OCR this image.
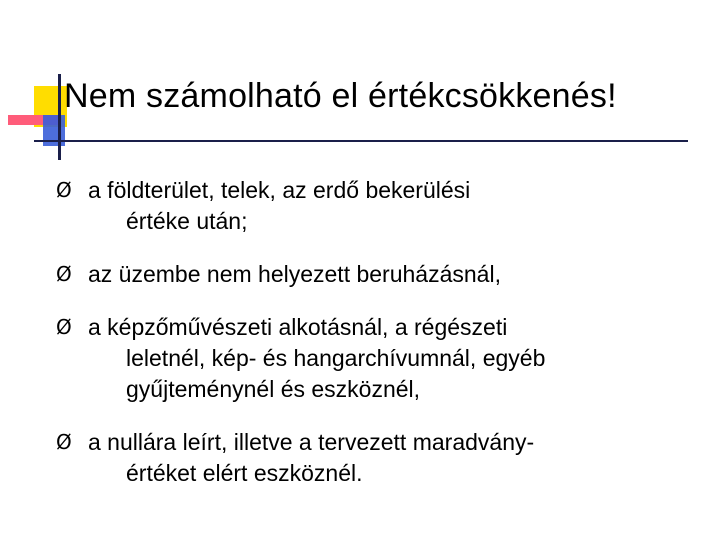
Nem számolható el értékcsökkenés!
Ø a földterület, telek, az erdő bekerülési
értéke után;
Ø az üzembe nem helyezett beruházásnál,
Ø a képzőművészeti alkotásnál, a régészeti
leletnél, kép- és hangarchívumnál, egyéb
gyűjteménynél és eszköznél,
Ø a nullára leírt, illetve a tervezett maradvány-
értéket elért eszköznél.
